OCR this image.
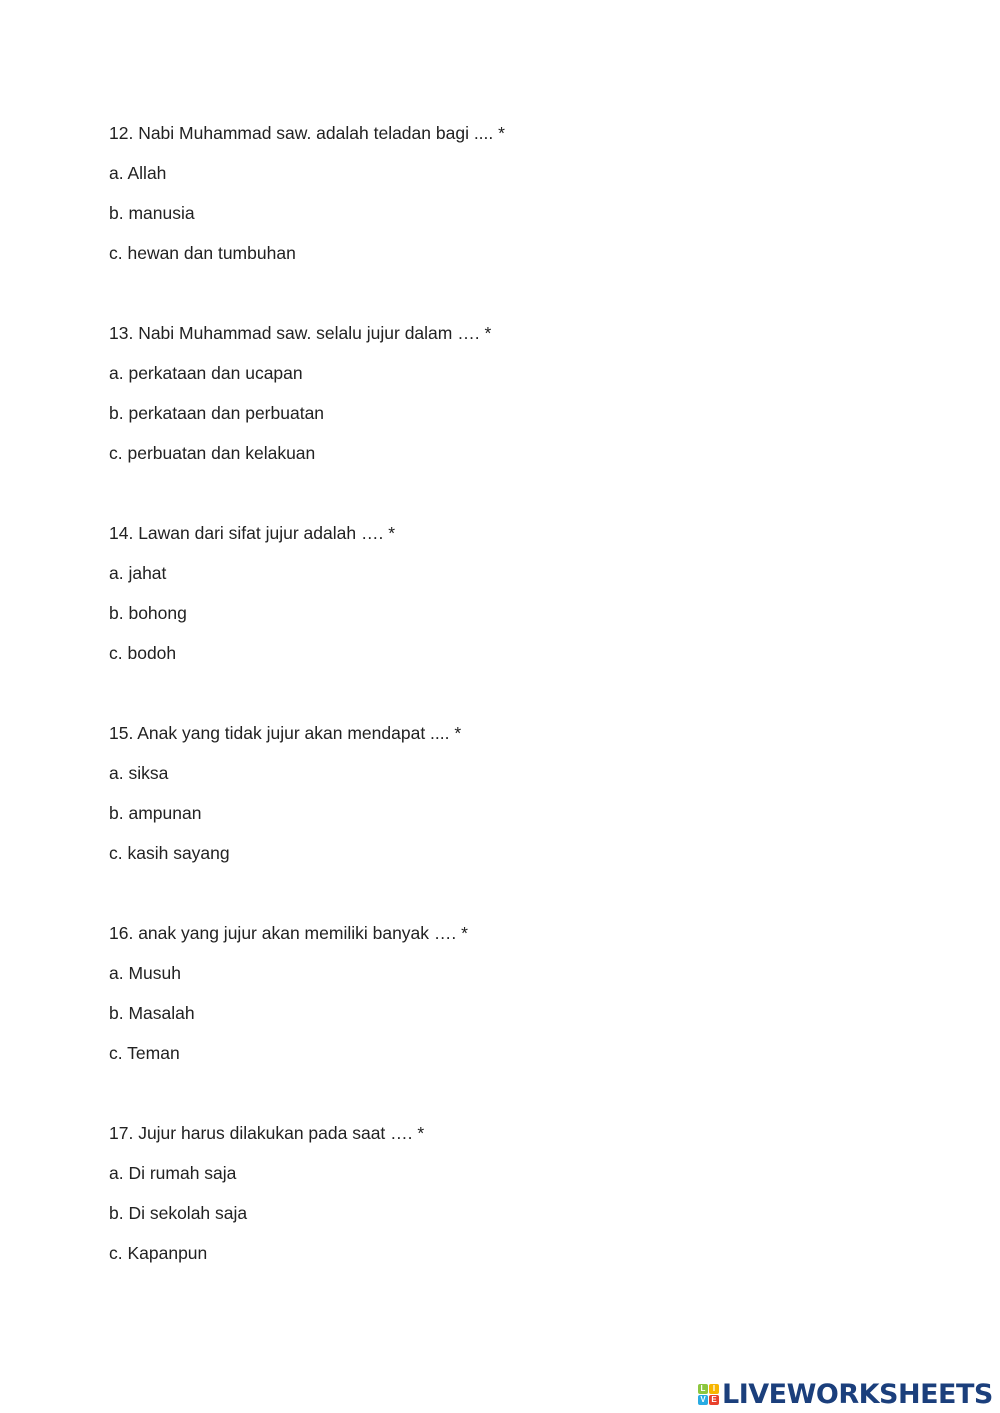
12. Nabi Muhammad saw. adalah teladan bagi .... *
a. Allah
b. manusia
c. hewan dan tumbuhan
13. Nabi Muhammad saw. selalu jujur dalam …. *
a. perkataan dan ucapan
b. perkataan dan perbuatan
c. perbuatan dan kelakuan
14. Lawan dari sifat jujur adalah …. *
a. jahat
b. bohong
c. bodoh
15. Anak yang tidak jujur akan mendapat .... *
a. siksa
b. ampunan
c. kasih sayang
16. anak yang jujur akan memiliki banyak …. *
a. Musuh
b. Masalah
c. Teman
17. Jujur harus dilakukan pada saat …. *
a. Di rumah saja
b. Di sekolah saja
c. Kapanpun
L I
V E LIVEWORKSHEETS
